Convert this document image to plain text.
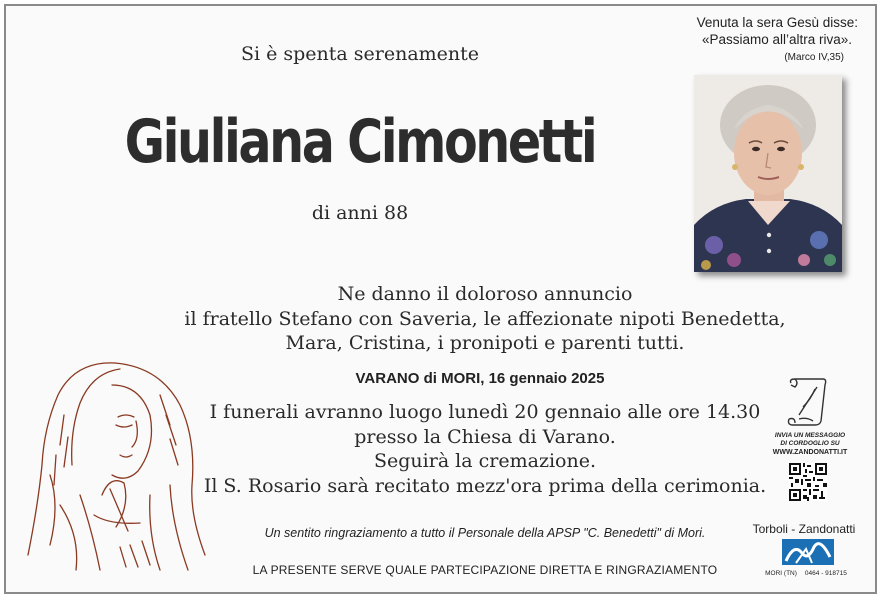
Venuta la sera Gesù disse:
«Passiamo all’altra riva».
(Marco IV,35)
Si è spenta serenamente
Giuliana Cimonetti
di anni 88
Ne danno il doloroso annuncio
il fratello Stefano con Saveria, le affezionate nipoti Benedetta,
Mara, Cristina, i pronipoti e parenti tutti.
VARANO di MORI, 16 gennaio 2025
I funerali avranno luogo lunedì 20 gennaio alle ore 14.30
presso la Chiesa di Varano.
Seguirà la cremazione.
Il S. Rosario sarà recitato mezz'ora prima della cerimonia.
Un sentito ringraziamento a tutto il Personale della APSP "C. Benedetti" di Mori.
LA PRESENTE SERVE QUALE PARTECIPAZIONE DIRETTA E RINGRAZIAMENTO
INVIA UN MESSAGGIO
DI CORDOGLIO SU
WWW.ZANDONATTI.IT
Torboli - Zandonatti
MORI (TN) 0464 - 918715
